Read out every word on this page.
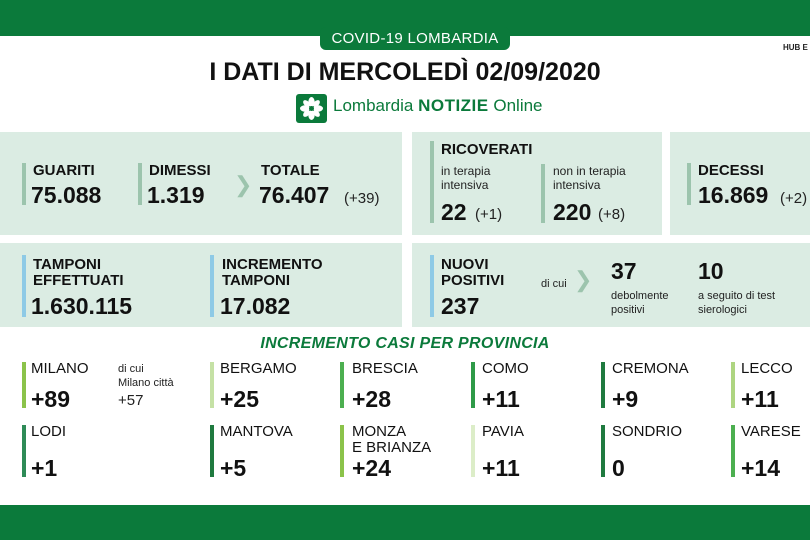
COVID-19 LOMBARDIA
HUB E
I DATI DI MERCOLEDÌ 02/09/2020
Lombardia NOTIZIE Online
GUARITI
75.088
DIMESSI
1.319 ❯
TOTALE
76.407 (+39)
RICOVERATI
in terapia
intensiva
22 (+1)
non in terapia
intensiva
220 (+8)
DECESSI
16.869 (+2)
TAMPONI
EFFETTUATI
1.630.115
INCREMENTO
TAMPONI
17.082
NUOVI
POSITIVI
237
di cui ❯ 37
debolmente
positivi
10
a seguito di test
sierologici
INCREMENTO CASI PER PROVINCIA
MILANO
+89
di cui
Milano città
+57
BERGAMO
+25
BRESCIA
+28
COMO
+11
CREMONA
+9
LECCO
+11
LODI
+1
MANTOVA
+5
MONZA
E BRIANZA
+24
PAVIA
+11
SONDRIO
0
VARESE
+14
